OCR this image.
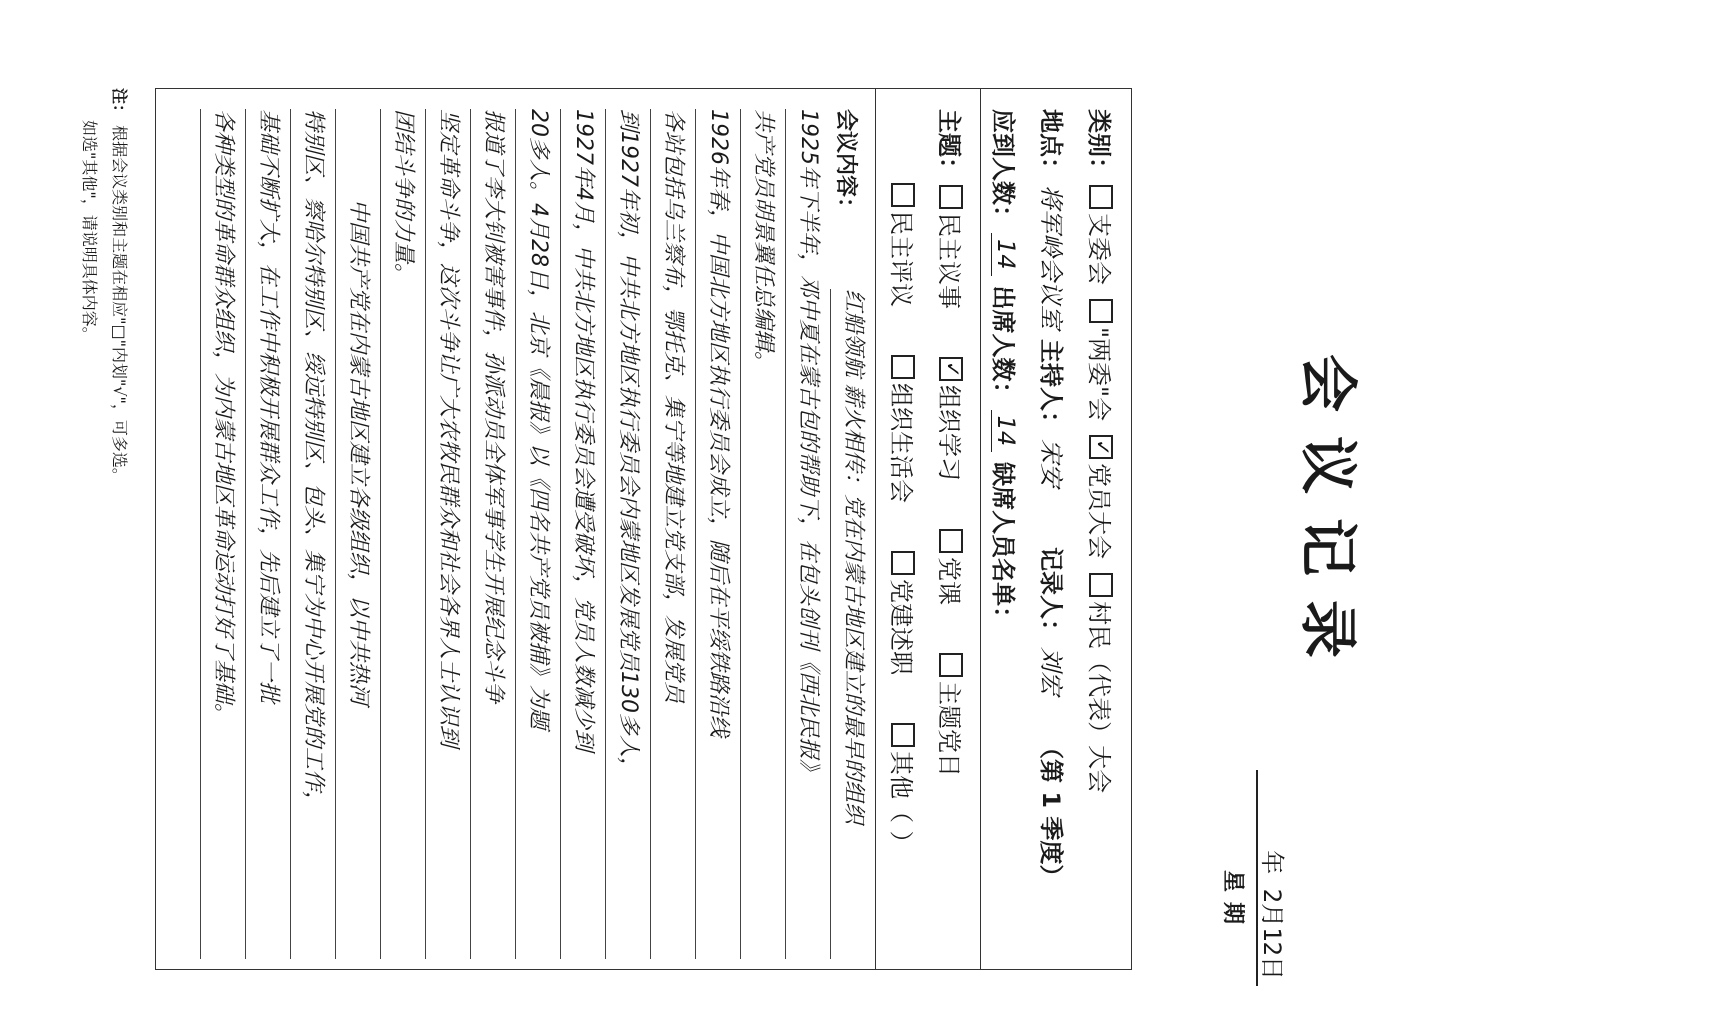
会议记录
年 2月12日
星期
类别：
支委会
"两委"会
✓
党员大会
村民（代表）大会
地点：
将军岭会议室
主持人：
宋安
记录人：
刘宏
（第 1 季度）
应到人数：
14
出席人数：
14
缺席人员名单：
主题：
民主议事
✓
组织学习
党课
主题党日
民主评议
组织生活会
党建述职
其他（ ）
会议内容：
红船领航 薪火相传：党在内蒙古地区建立的最早的组织
1925年下半年，邓中夏在蒙古包的帮助下，在包头创刊《西北民报》
共产党员胡景翼任总编辑。
1926年春，中国北方地区执行委员会成立，随后在平绥铁路沿线
各站包括乌兰察布，鄂托克、集宁等地建立党支部，发展党员
到1927年初，中共北方地区执行委员会内蒙地区发展党员130多人，
1927年4月，中共北方地区执行委员会遭受破坏，党员人数减少到
20多人。4月28日，北京《晨报》以《四名共产党员被捕》为题
报道了李大钊被害事件，孙派动员全体军事学生开展纪念斗争
坚定革命斗争，这次斗争让广大农牧民群众和社会各界人士认识到
团结斗争的力量。
中国共产党在内蒙古地区建立各级组织，以中共热河
特别区、察哈尔特别区、绥远特别区、包头、集宁为中心开展党的工作，
基础不断扩大，在工作中积极开展群众工作，先后建立了一批
各种类型的革命群众组织，为内蒙古地区革命运动打好了基础。
注： 根据会议类别和主题在相应"□"内划"√"，可多选。
如选"其他"，请说明具体内容。
